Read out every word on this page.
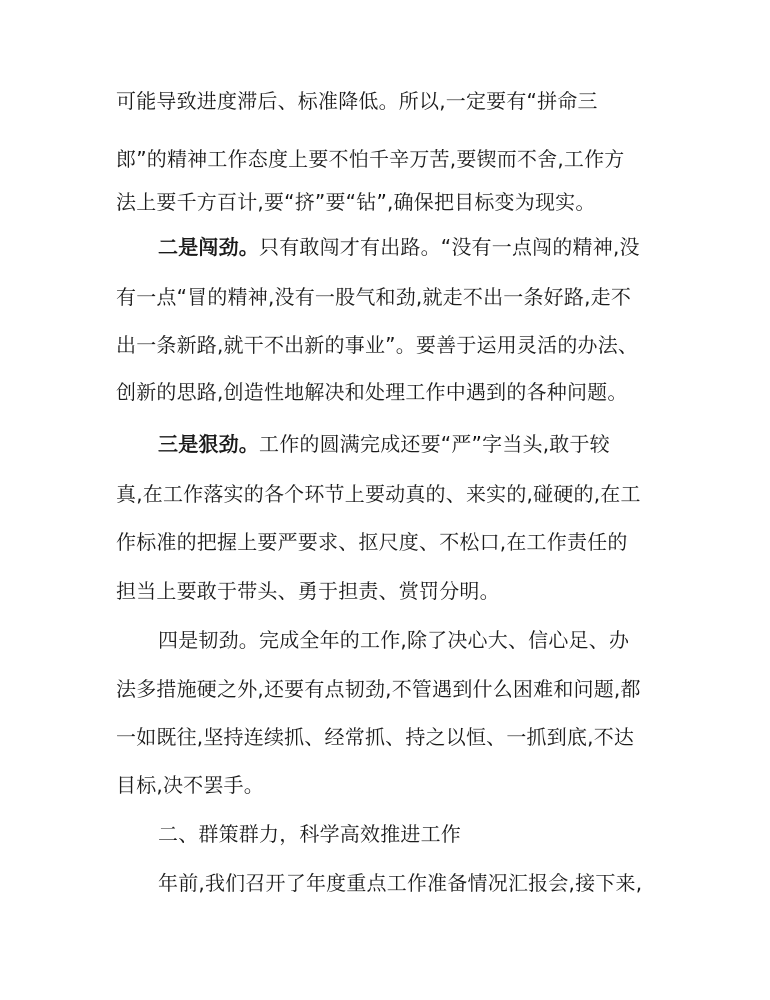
可能导致进度滞后、标准降低。所以,一定要有“拼命三
郎”的精神工作态度上要不怕千辛万苦,要锲而不舍,工作方
法上要千方百计,要“挤”要“钻”,确保把目标变为现实。
二是闯劲。只有敢闯才有出路。“没有一点闯的精神,没
有一点“冒的精神,没有一股气和劲,就走不出一条好路,走不
出一条新路,就干不出新的事业”。要善于运用灵活的办法、
创新的思路,创造性地解决和处理工作中遇到的各种问题。
三是狠劲。工作的圆满完成还要“严”字当头,敢于较
真,在工作落实的各个环节上要动真的、来实的,碰硬的,在工
作标准的把握上要严要求、抠尺度、不松口,在工作责任的
担当上要敢于带头、勇于担责、赏罚分明。
四是韧劲。完成全年的工作,除了决心大、信心足、办
法多措施硬之外,还要有点韧劲,不管遇到什么困难和问题,都
一如既往,坚持连续抓、经常抓、持之以恒、一抓到底,不达
目标,决不罢手。
二、群策群力，科学高效推进工作
年前,我们召开了年度重点工作准备情况汇报会,接下来,
